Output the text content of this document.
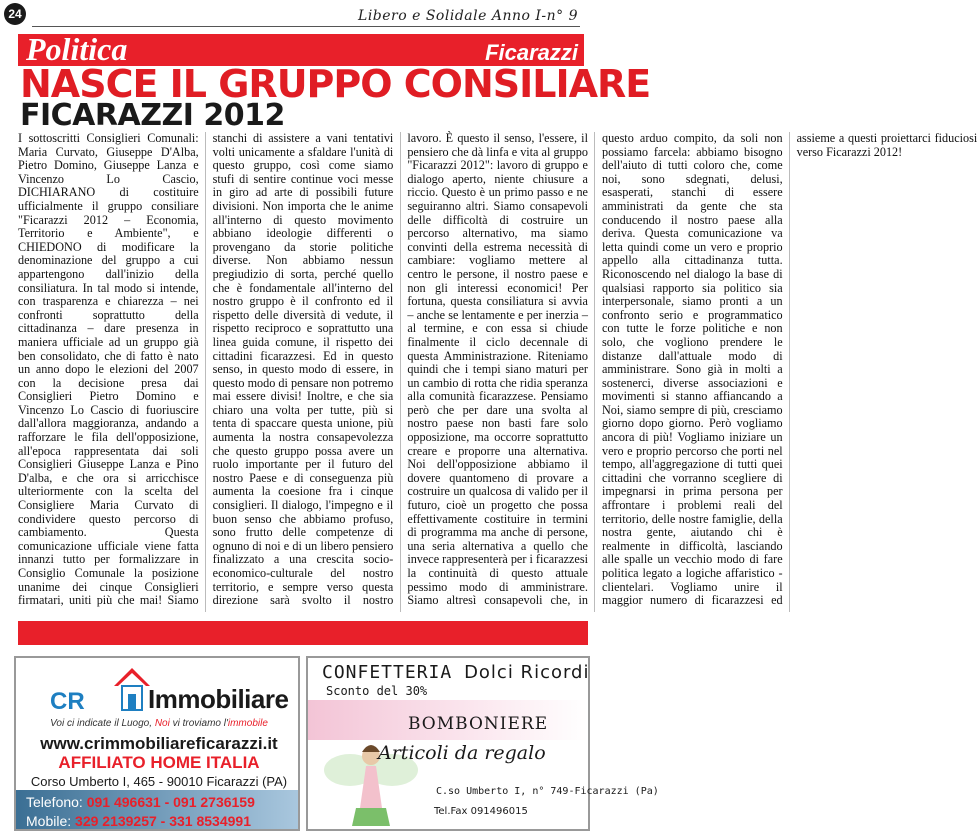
24	Libero e Solidale Anno I-n° 9
Politica	Ficarazzi
NASCE IL GRUPPO CONSILIARE
FICARAZZI 2012

I sottoscritti Consiglieri Comunali: Maria Curvato, Giuseppe D'Alba, Pietro Domino, Giuseppe Lanza e Vincenzo Lo Cascio, DICHIARANO di costituire ufficialmente il gruppo consiliare "Ficarazzi 2012 – Economia, Territorio e Ambiente", e CHIEDONO di modificare la denominazione del gruppo a cui appartengono dall'inizio della consiliatura. In tal modo si intende, con trasparenza e chiarezza – nei confronti soprattutto della cittadinanza – dare presenza in maniera ufficiale ad un gruppo già ben consolidato, che di fatto è nato un anno dopo le elezioni del 2007 con la decisione presa dai Consiglieri Pietro Domino e Vincenzo Lo Cascio di fuoriuscire dall'allora maggioranza, andando a rafforzare le fila dell'opposizione, all'epoca rappresentata dai soli Consiglieri Giuseppe Lanza e Pino D'alba, e che ora si arricchisce ulteriormente con la scelta del Consigliere Maria Curvato di condividere questo percorso di cambiamento. Questa comunicazione ufficiale viene fatta innanzi tutto per formalizzare in Consiglio Comunale la posizione unanime dei cinque Consiglieri firmatari, uniti più che mai! Siamo stanchi di assistere a vani tentativi volti unicamente a sfaldare l'unità di questo gruppo, così come siamo stufi di sentire continue voci messe in giro ad arte di possibili future divisioni. Non importa che le anime all'interno di questo movimento abbiano ideologie differenti o provengano da storie politiche diverse. Non abbiamo nessun pregiudizio di sorta, perché quello che è fondamentale all'interno del nostro gruppo è il confronto ed il rispetto delle diversità di vedute, il rispetto reciproco e soprattutto una linea guida comune, il rispetto dei cittadini ficarazzesi. Ed in questo senso, in questo modo di essere, in questo modo di pensare non potremo mai essere divisi! Inoltre, e che sia chiaro una volta per tutte, più si tenta di spaccare questa unione, più aumenta la nostra consapevolezza che questo gruppo possa avere un ruolo importante per il futuro del nostro Paese e di conseguenza più aumenta la coesione fra i cinque consiglieri. Il dialogo, l'impegno e il buon senso che abbiamo profuso, sono frutto delle competenze di ognuno di noi e di un libero pensiero finalizzato a una crescita socio-economico-culturale del nostro territorio, e sempre verso questa direzione sarà svolto il nostro lavoro. È questo il senso, l'essere, il pensiero che dà linfa e vita al gruppo "Ficarazzi 2012": lavoro di gruppo e dialogo aperto, niente chiusure a riccio. Questo è un primo passo e ne seguiranno altri. Siamo consapevoli delle difficoltà di costruire un percorso alternativo, ma siamo convinti della estrema necessità di cambiare: vogliamo mettere al centro le persone, il nostro paese e non gli interessi economici! Per fortuna, questa consiliatura si avvia – anche se lentamente e per inerzia – al termine, e con essa si chiude finalmente il ciclo decennale di questa Amministrazione. Riteniamo quindi che i tempi siano maturi per un cambio di rotta che ridia speranza alla comunità ficarazzese. Pensiamo però che per dare una svolta al nostro paese non basti fare solo opposizione, ma occorre soprattutto creare e proporre una alternativa. Noi dell'opposizione abbiamo il dovere quantomeno di provare a costruire un qualcosa di valido per il futuro, cioè un progetto che possa effettivamente costituire in termini di programma ma anche di persone, una seria alternativa a quello che invece rappresenterà per i ficarazzesi la continuità di questo attuale pessimo modo di amministrare. Siamo altresì consapevoli che, in questo arduo compito, da soli non possiamo farcela: abbiamo bisogno dell'aiuto di tutti coloro che, come noi, sono sdegnati, delusi, esasperati, stanchi di essere amministrati da gente che sta conducendo il nostro paese alla deriva. Questa comunicazione va letta quindi come un vero e proprio appello alla cittadinanza tutta. Riconoscendo nel dialogo la base di qualsiasi rapporto sia politico sia interpersonale, siamo pronti a un confronto serio e programmatico con tutte le forze politiche e non solo, che vogliono prendere le distanze dall'attuale modo di amministrare. Sono già in molti a sostenerci, diverse associazioni e movimenti si stanno affiancando a Noi, siamo sempre di più, cresciamo giorno dopo giorno. Però vogliamo ancora di più! Vogliamo iniziare un vero e proprio percorso che porti nel tempo, all'aggregazione di tutti quei cittadini che vorranno scegliere di impegnarsi in prima persona per affrontare i problemi reali del territorio, delle nostre famiglie, della nostra gente, aiutando chi è realmente in difficoltà, lasciando alle spalle un vecchio modo di fare politica legato a logiche affaristico - clientelari. Vogliamo unire il maggior numero di ficarazzesi ed assieme a questi proiettarci fiduciosi verso Ficarazzi 2012!

CR Immobiliare
Voi ci indicate il Luogo, Noi vi troviamo l'immobile
www.crimmobiliareficarazzi.it
AFFILIATO HOME ITALIA
Corso Umberto I, 465 - 90010 Ficarazzi (PA)
Telefono: 091 496631 - 091 2736159
Mobile: 329 2139257 - 331 8534991
CONFETTERIA Dolci Ricordi
Sconto del 30%
BOMBONIERE
Articoli da regalo
C.so Umberto I, n° 749-Ficarazzi (Pa)
Tel.Fax 091496015
